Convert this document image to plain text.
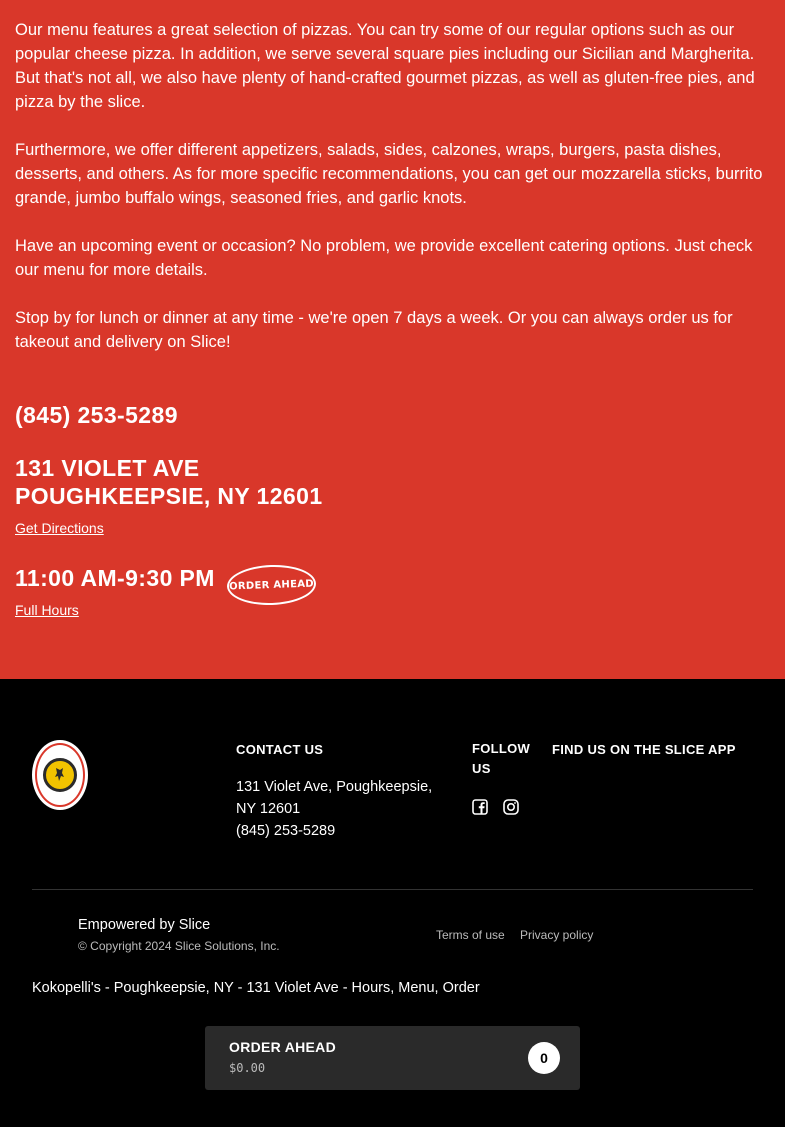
Our menu features a great selection of pizzas. You can try some of our regular options such as our popular cheese pizza. In addition, we serve several square pies including our Sicilian and Margherita. But that's not all, we also have plenty of hand-crafted gourmet pizzas, as well as gluten-free pies, and pizza by the slice.

Furthermore, we offer different appetizers, salads, sides, calzones, wraps, burgers, pasta dishes, desserts, and others. As for more specific recommendations, you can get our mozzarella sticks, burrito grande, jumbo buffalo wings, seasoned fries, and garlic knots.

Have an upcoming event or occasion? No problem, we provide excellent catering options. Just check our menu for more details.

Stop by for lunch or dinner at any time - we're open 7 days a week. Or you can always order us for takeout and delivery on Slice!

(845) 253-5289
131 VIOLET AVE
POUGHKEEPSIE, NY 12601
Get Directions
11:00 AM-9:30 PM ORDER AHEAD
Full Hours
CONTACT US
131 Violet Ave, Poughkeepsie, NY 12601
(845) 253-5289
FOLLOW US
FIND US ON THE SLICE APP
Empowered by Slice
© Copyright 2024 Slice Solutions, Inc.
Terms of use Privacy policy
Kokopelli's - Poughkeepsie, NY - 131 Violet Ave - Hours, Menu, Order
ORDER AHEAD
$0.00
0
